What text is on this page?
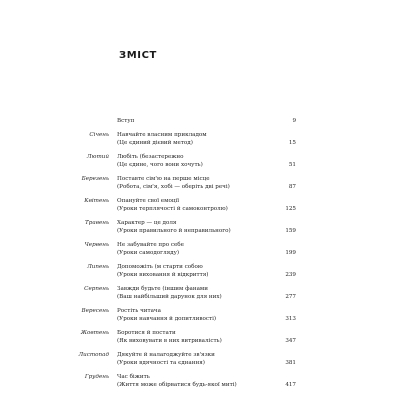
ЗМІСТ
Вступ	9
Січень	Навчайте власним прикладом
(Це єдиний дієвий метод)	15
Лютий	Любіть (безастережно
(Це єдине, чого вони хочуть)	51
Березень	Поставте сім'ю на перше місце
(Робота, сім'я, хобі — оберіть дві речі)	87
Квітень	Опануйте свої емоції
(Уроки терплячості й самоконтролю)	125
Травень	Характер — це доля
(Уроки правильного й неправильного)	159
Червень	Не забувайте про себе
(Уроки самодогляду)	199
Липень	Допоможіть (м старти собою
(Уроки виховання й відкриття)	239
Серпень	Завжди будьте (іншим фанами
(Ваш найбільший дарунок для них)	277
Вересень	Ростіть читача
(Уроки навчання й допитливості)	313
Жовтень	Боротися й постати
(Як виховувати в них витривалість)	347
Листопад	Дякуйте й налагоджуйте зв'язки
(Уроки вдячності та єднання)	381
Грудень	Час біжить
(Життя може обірватися будь-якої миті)	417
